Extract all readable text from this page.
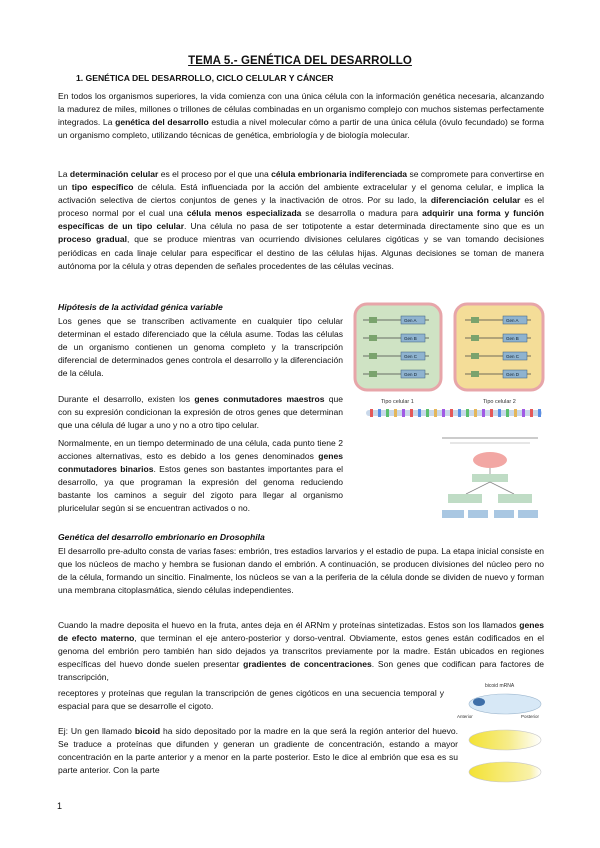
TEMA 5.- GENÉTICA DEL DESARROLLO
1. GENÉTICA DEL DESARROLLO, CICLO CELULAR Y CÁNCER
En todos los organismos superiores, la vida comienza con una única célula con la información genética necesaria, alcanzando la madurez de miles, millones o trillones de células combinadas en un organismo complejo con muchos sistemas perfectamente integrados. La genética del desarrollo estudia a nivel molecular cómo a partir de una única célula (óvulo fecundado) se forma un organismo completo, utilizando técnicas de genética, embriología y de biología molecular.
La determinación celular es el proceso por el que una célula embrionaria indiferenciada se compromete para convertirse en un tipo específico de célula. Está influenciada por la acción del ambiente extracelular y el genoma celular, e implica la activación selectiva de ciertos conjuntos de genes y la inactivación de otros. Por su lado, la diferenciación celular es el proceso normal por el cual una célula menos especializada se desarrolla o madura para adquirir una forma y función específicas de un tipo celular. Una célula no pasa de ser totipotente a estar determinada directamente sino que es un proceso gradual, que se produce mientras van ocurriendo divisiones celulares cigóticas y se van tomando decisiones periódicas en cada linaje celular para especificar el destino de las células hijas. Algunas decisiones se toman de manera autónoma por la célula y otras dependen de señales procedentes de las células vecinas.
Hipótesis de la actividad génica variable
Los genes que se transcriben activamente en cualquier tipo celular determinan el estado diferenciado que la célula asume. Todas las células de un organismo contienen un genoma completo y la transcripción diferencial de determinados genes controla el desarrollo y la diferenciación de la célula.
Durante el desarrollo, existen los genes conmutadores maestros que con su expresión condicionan la expresión de otros genes que determinan que una célula dé lugar a uno y no a otro tipo celular.
Normalmente, en un tiempo determinado de una célula, cada punto tiene 2 acciones alternativas, esto es debido a los genes denominados genes conmutadores binarios. Estos genes son bastantes importantes para el desarrollo, ya que programan la expresión del genoma reduciendo bastante los caminos a seguir del zigoto para llegar al organismo pluricelular según si se encuentran activados o no.
Genética del desarrollo embrionario en Drosophila
El desarrollo pre-adulto consta de varias fases: embrión, tres estadios larvarios y el estadio de pupa. La etapa inicial consiste en que los núcleos de macho y hembra se fusionan dando el embrión. A continuación, se producen divisiones del núcleo pero no de la célula, formando un sincitio. Finalmente, los núcleos se van a la periferia de la célula donde se dividen de nuevo y forman una membrana citoplasmática, siendo células independientes.
Cuando la madre deposita el huevo en la fruta, antes deja en él ARNm y proteínas sintetizadas. Estos son los llamados genes de efecto materno, que terminan el eje antero-posterior y dorso-ventral. Obviamente, estos genes están codificados en el genoma del embrión pero también han sido dejados ya transcritos previamente por la madre. Están ubicados en regiones específicas del huevo donde suelen presentar gradientes de concentraciones. Son genes que codifican para factores de transcripción,
receptores y proteínas que regulan la transcripción de genes cigóticos en una secuencia temporal y espacial para que se desarrolle el cigoto.
Ej: Un gen llamado bicoid ha sido depositado por la madre en la que será la región anterior del huevo. Se traduce a proteínas que difunden y generan un gradiente de concentración, estando a mayor concentración en la parte anterior y a menor en la parte posterior. Esto le dice al embrión que esa es su parte anterior. Con la parte
Gen A
Gen B
Gen C
Gen D
Gen A
Gen B
Gen C
Gen D
Tipo celular 1	Tipo celular 2
bicoid mRNA
Anterior	Posterior
1
